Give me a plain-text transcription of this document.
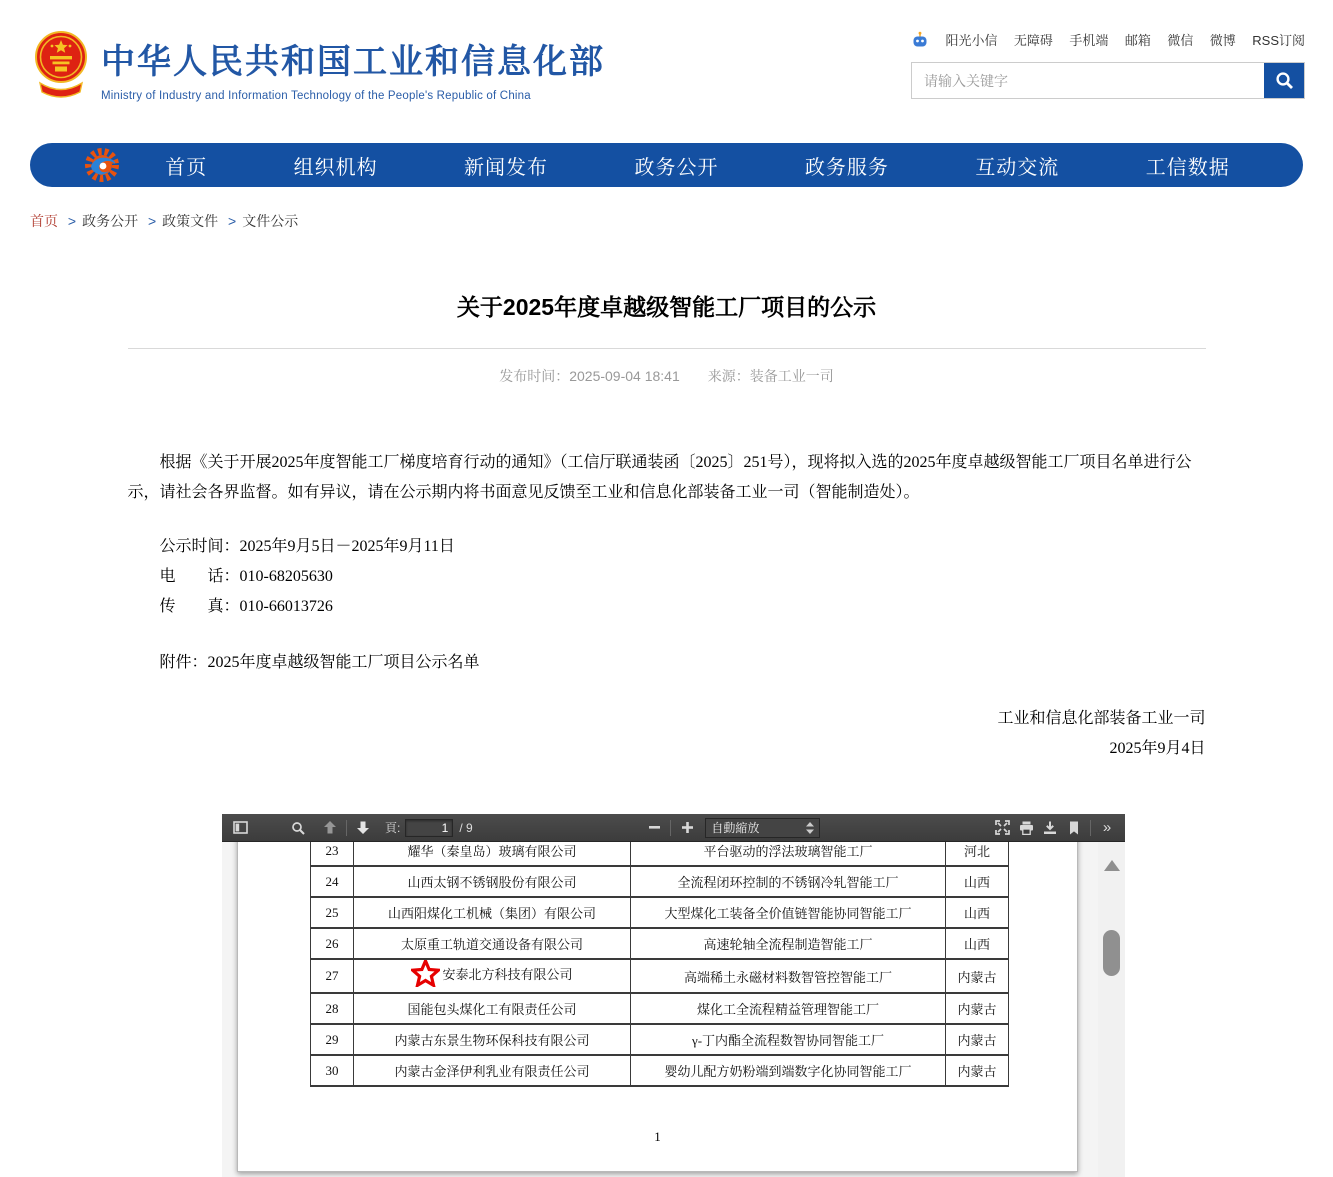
中华人民共和国工业和信息化部
Ministry of Industry and Information Technology of the People's Republic of China
阳光小信 无障碍 手机端 邮箱 微信 微博 RSS订阅
请输入关键字
首页	组织机构	新闻发布	政务公开	政务服务	互动交流	工信数据
首页 > 政务公开 > 政策文件 > 文件公示
关于2025年度卓越级智能工厂项目的公示
发布时间：2025-09-04 18:41 来源：装备工业一司

根据《关于开展2025年度智能工厂梯度培育行动的通知》（工信厅联通装函〔2025〕251号），现将拟入选的2025年度卓越级智能工厂项目名单进行公示，请社会各界监督。如有异议，请在公示期内将书面意见反馈至工业和信息化部装备工业一司（智能制造处）。

公示时间：2025年9月5日－2025年9月11日
电　　话：010-68205630
传　　真：010-66013726
附件：2025年度卓越级智能工厂项目公示名单
工业和信息化部装备工业一司
2025年9月4日
頁:
1	/ 9	自動縮放	»
23	耀华（秦皇岛）玻璃有限公司	平台驱动的浮法玻璃智能工厂	河北
24	山西太钢不锈钢股份有限公司	全流程闭环控制的不锈钢冷轧智能工厂	山西
25	山西阳煤化工机械（集团）有限公司	大型煤化工装备全价值链智能协同智能工厂	山西
26	太原重工轨道交通设备有限公司	高速轮轴全流程制造智能工厂	山西
27	安泰北方科技有限公司	高端稀土永磁材料数智管控智能工厂	内蒙古
28	国能包头煤化工有限责任公司	煤化工全流程精益管理智能工厂	内蒙古
29	内蒙古东景生物环保科技有限公司	γ-丁内酯全流程数智协同智能工厂	内蒙古
30	内蒙古金泽伊利乳业有限责任公司	婴幼儿配方奶粉端到端数字化协同智能工厂	内蒙古
1
